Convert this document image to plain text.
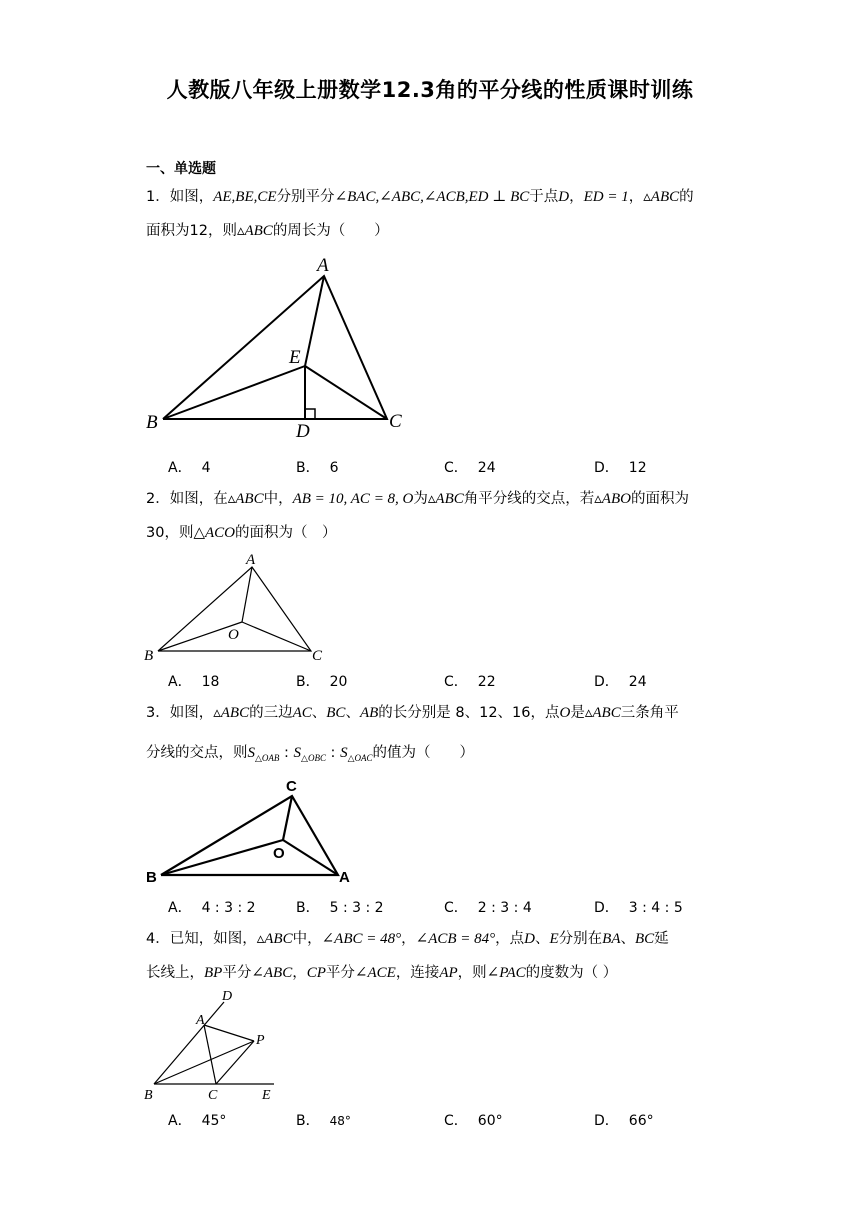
人教版八年级上册数学12.3角的平分线的性质课时训练
一、单选题
1．如图，AE,BE,CE分别平分∠BAC,∠ABC,∠ACB,ED ⊥ BC于点D，ED = 1，▵ABC的
面积为12，则▵ABC的周长为（　　）
A
E
B	D	C
A． 4	B． 6	C． 24	D． 12
2．如图，在▵ABC中，AB = 10, AC = 8, O为▵ABC角平分线的交点，若▵ABO的面积为
30，则△ACO的面积为（　）
A
O
B	C
A． 18	B． 20	C． 22	D． 24
3．如图，▵ABC的三边AC、BC、AB的长分别是 8、12、16，点O是▵ABC三条角平
分线的交点，则$S_{\triangle OAB}$ : $S_{\triangle OBC}$ : $S_{\triangle OAC}$的值为（　　）
C
O
B	A
A． 4 : 3 : 2	B． 5 : 3 : 2	C． 2 : 3 : 4	D． 3 : 4 : 5
4．已知，如图，▵ABC中，∠ABC = 48°，∠ACB = 84°，点D、E分别在BA、BC延
长线上，BP平分∠ABC，CP平分∠ACE，连接AP，则∠PAC的度数为（ ）
D
A
P
B	C	E
A． 45°	B． 48°	C． 60°	D． 66°
